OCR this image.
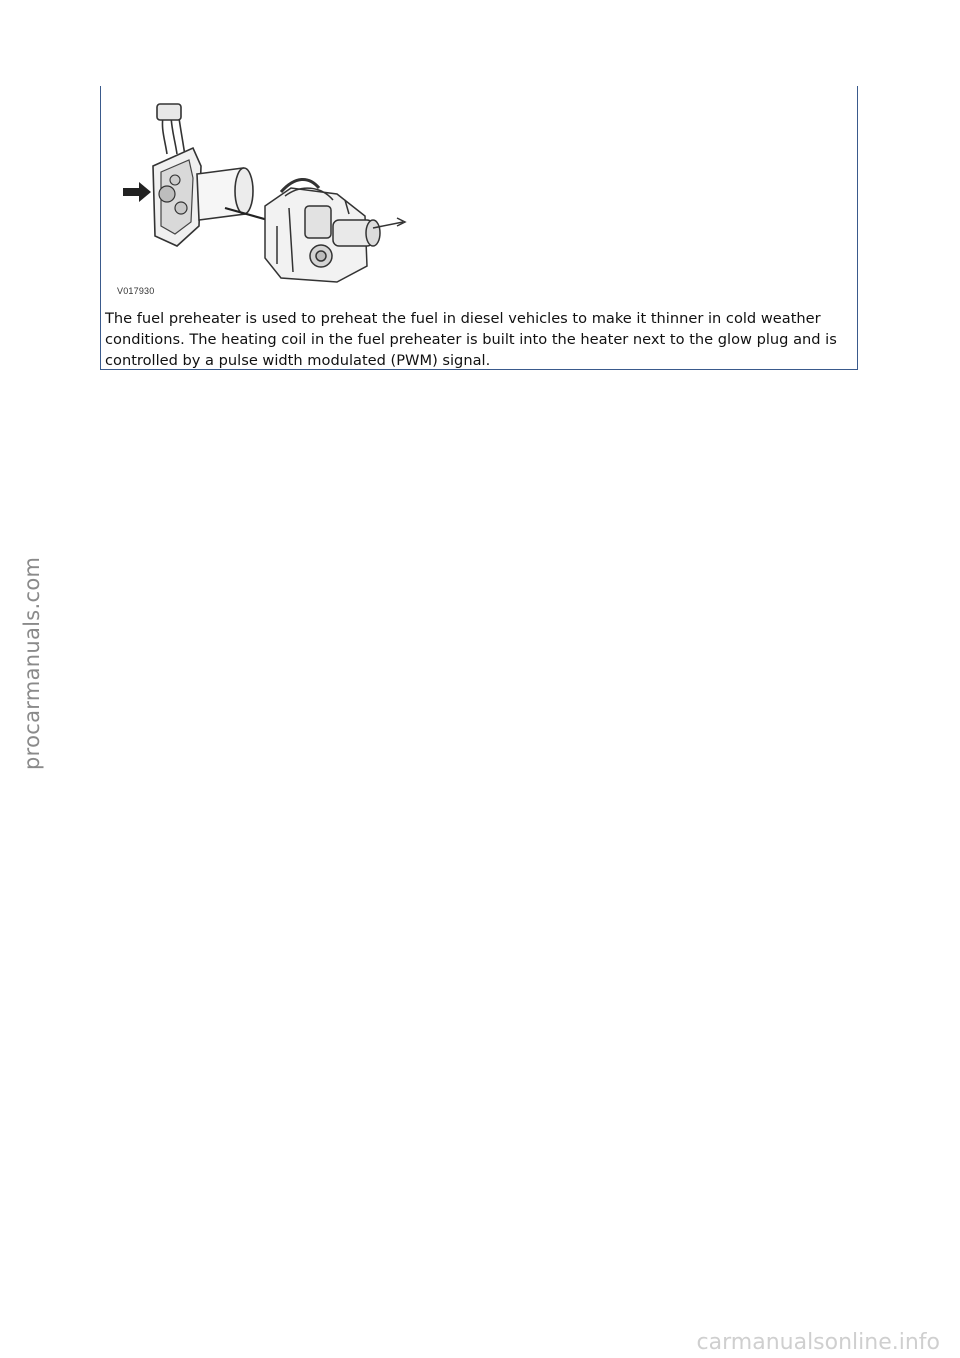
V017930

The fuel preheater is used to preheat the fuel in diesel vehicles to make it thinner in cold weather conditions. The heating coil in the fuel preheater is built into the heater next to the glow plug and is controlled by a pulse width modulated (PWM) signal.

procarmanuals.com
carmanualsonline.info
